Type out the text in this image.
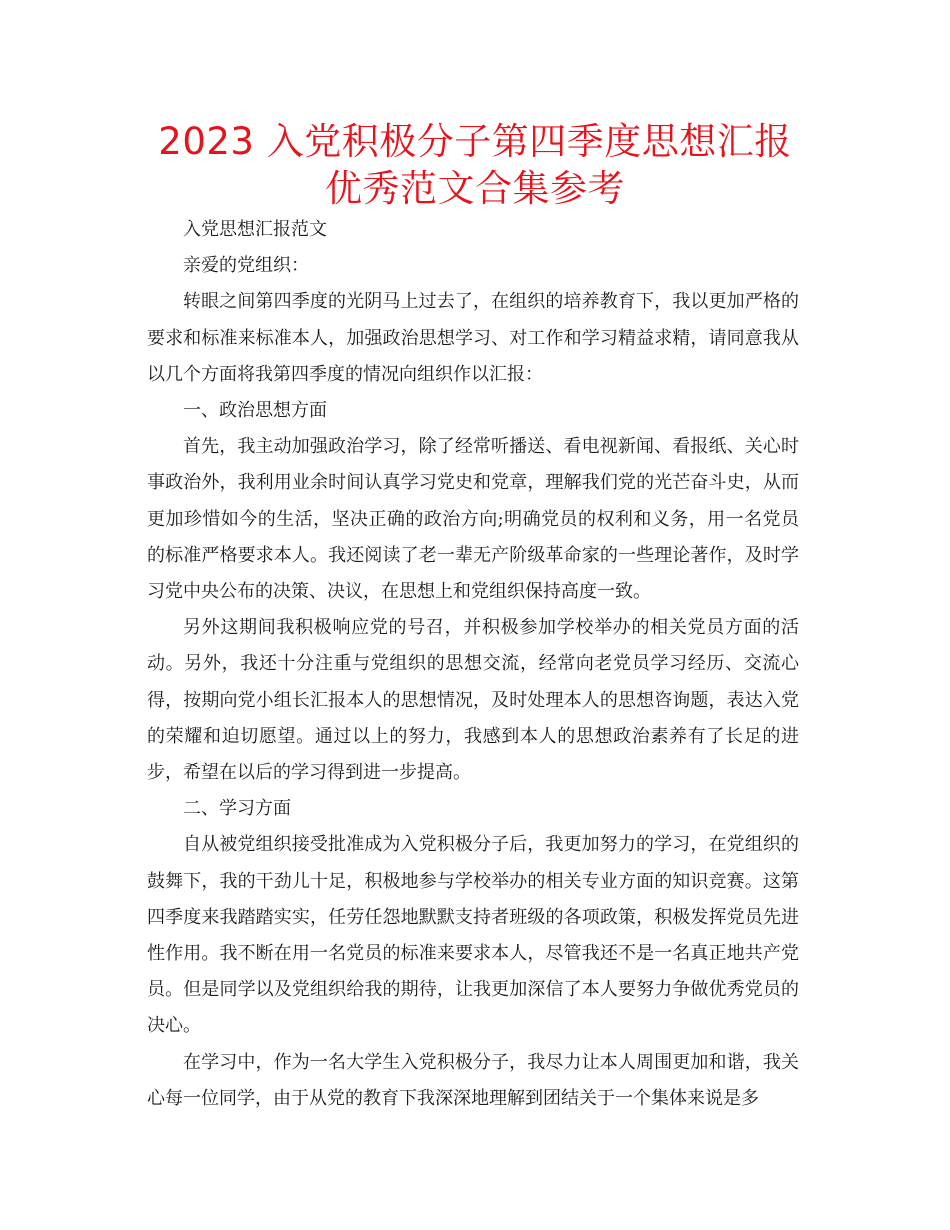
2023 入党积极分子第四季度思想汇报优秀范文合集参考

入党思想汇报范文

亲爱的党组织：

转眼之间第四季度的光阴马上过去了，在组织的培养教育下，我以更加严格的要求和标准来标准本人，加强政治思想学习、对工作和学习精益求精，请同意我从以几个方面将我第四季度的情况向组织作以汇报：

一、政治思想方面

首先，我主动加强政治学习，除了经常听播送、看电视新闻、看报纸、关心时事政治外，我利用业余时间认真学习党史和党章，理解我们党的光芒奋斗史，从而更加珍惜如今的生活，坚决正确的政治方向;明确党员的权利和义务，用一名党员的标准严格要求本人。我还阅读了老一辈无产阶级革命家的一些理论著作，及时学习党中央公布的决策、决议，在思想上和党组织保持高度一致。

另外这期间我积极响应党的号召，并积极参加学校举办的相关党员方面的活动。另外，我还十分注重与党组织的思想交流，经常向老党员学习经历、交流心得，按期向党小组长汇报本人的思想情况，及时处理本人的思想咨询题，表达入党的荣耀和迫切愿望。通过以上的努力，我感到本人的思想政治素养有了长足的进步，希望在以后的学习得到进一步提高。

二、学习方面

自从被党组织接受批准成为入党积极分子后，我更加努力的学习，在党组织的鼓舞下，我的干劲儿十足，积极地参与学校举办的相关专业方面的知识竞赛。这第四季度来我踏踏实实，任劳任怨地默默支持者班级的各项政策，积极发挥党员先进性作用。我不断在用一名党员的标准来要求本人，尽管我还不是一名真正地共产党员。但是同学以及党组织给我的期待，让我更加深信了本人要努力争做优秀党员的决心。

在学习中，作为一名大学生入党积极分子，我尽力让本人周围更加和谐，我关心每一位同学，由于从党的教育下我深深地理解到团结关于一个集体来说是多
